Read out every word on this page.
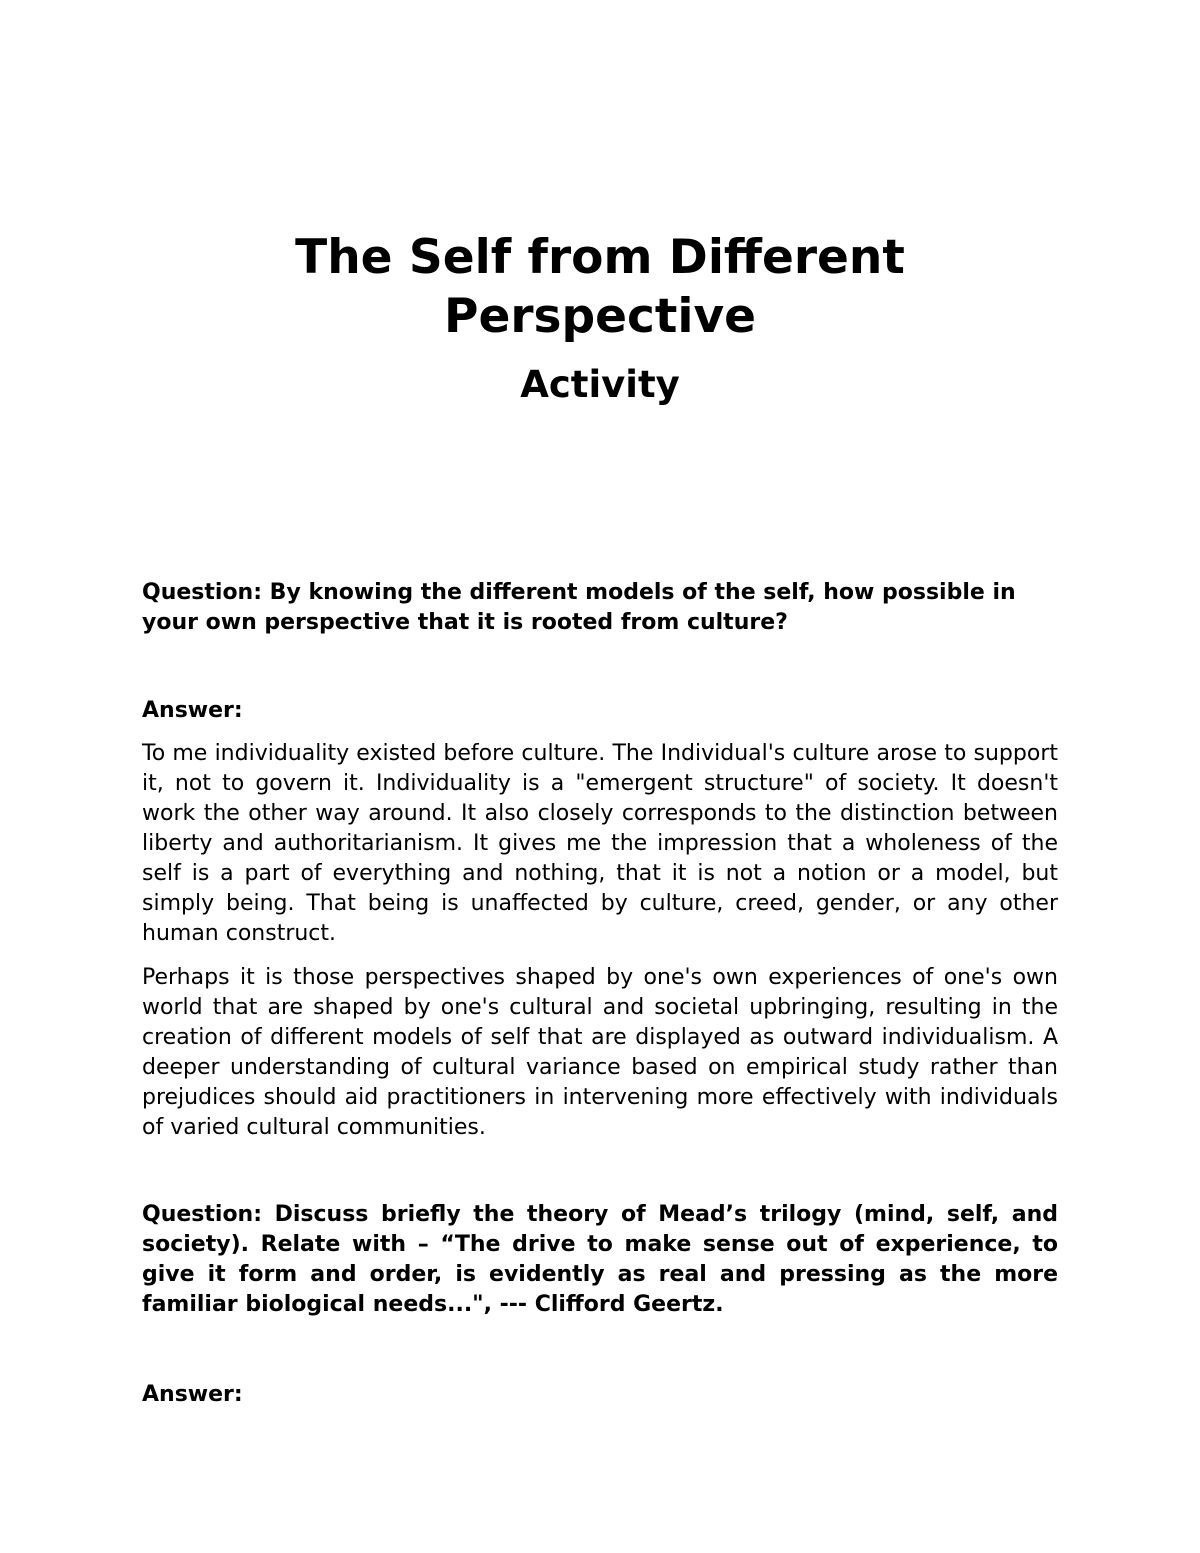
The Self from Different
Perspective
Activity

Question: By knowing the different models of the self, how possible in your own perspective that it is rooted from culture?

Answer:

To me individuality existed before culture. The Individual's culture arose to support it, not to govern it. Individuality is a "emergent structure" of society. It doesn't work the other way around. It also closely corresponds to the distinction between liberty and authoritarianism. It gives me the impression that a wholeness of the self is a part of everything and nothing, that it is not a notion or a model, but simply being. That being is unaffected by culture, creed, gender, or any other human construct.

Perhaps it is those perspectives shaped by one's own experiences of one's own world that are shaped by one's cultural and societal upbringing, resulting in the creation of different models of self that are displayed as outward individualism. A deeper understanding of cultural variance based on empirical study rather than prejudices should aid practitioners in intervening more effectively with individuals of varied cultural communities.

Question: Discuss briefly the theory of Mead’s trilogy (mind, self, and society). Relate with – “The drive to make sense out of experience, to give it form and order, is evidently as real and pressing as the more familiar biological needs...", --- Clifford Geertz.

Answer:
